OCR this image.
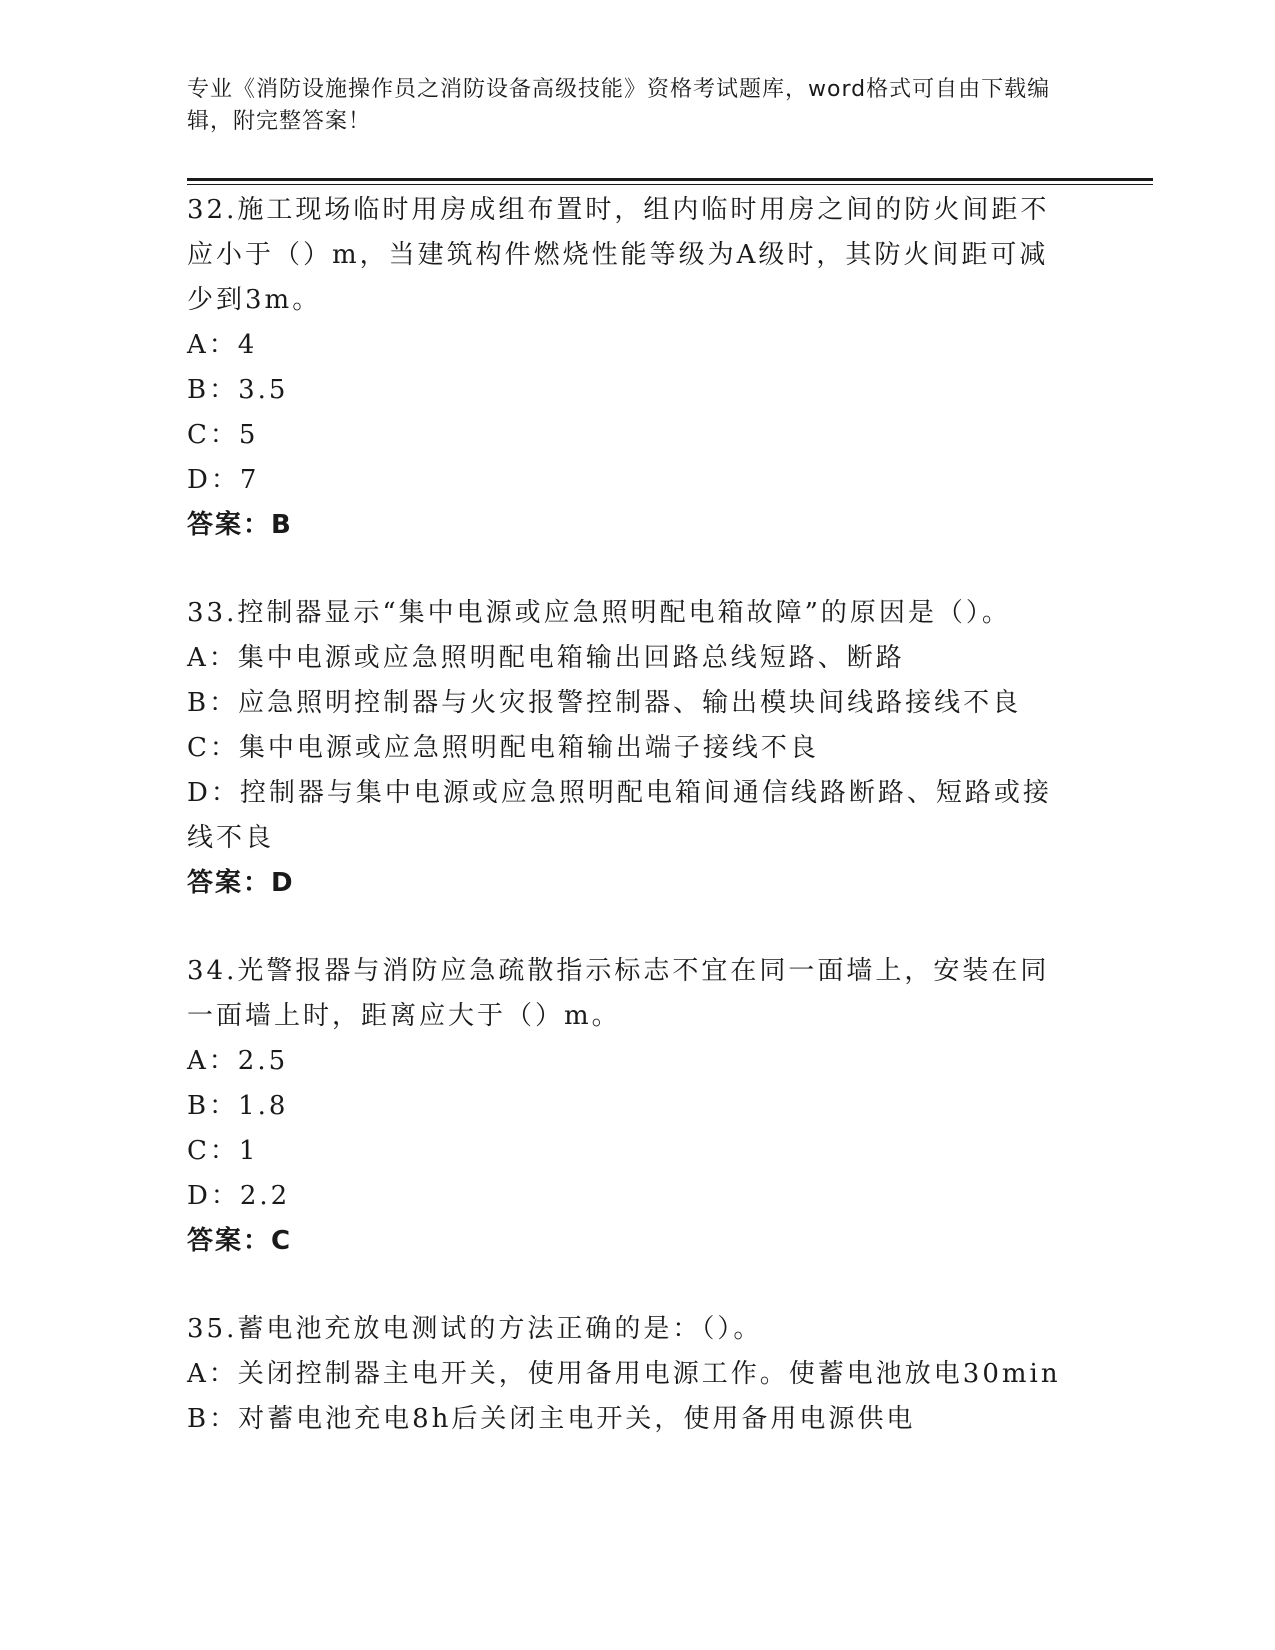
专业《消防设施操作员之消防设备高级技能》资格考试题库，word格式可自由下载编辑，附完整答案！
32.施工现场临时用房成组布置时，组内临时用房之间的防火间距不应小于（）m，当建筑构件燃烧性能等级为A级时，其防火间距可减少到3m。
A：4
B：3.5
C：5
D：7
答案：B
33.控制器显示“集中电源或应急照明配电箱故障”的原因是（）。
A：集中电源或应急照明配电箱输出回路总线短路、断路
B：应急照明控制器与火灾报警控制器、输出模块间线路接线不良
C：集中电源或应急照明配电箱输出端子接线不良
D：控制器与集中电源或应急照明配电箱间通信线路断路、短路或接线不良
答案：D
34.光警报器与消防应急疏散指示标志不宜在同一面墙上，安装在同一面墙上时，距离应大于（）m。
A：2.5
B：1.8
C：1
D：2.2
答案：C
35.蓄电池充放电测试的方法正确的是：（）。
A：关闭控制器主电开关，使用备用电源工作。使蓄电池放电30min
B：对蓄电池充电8h后关闭主电开关，使用备用电源供电
